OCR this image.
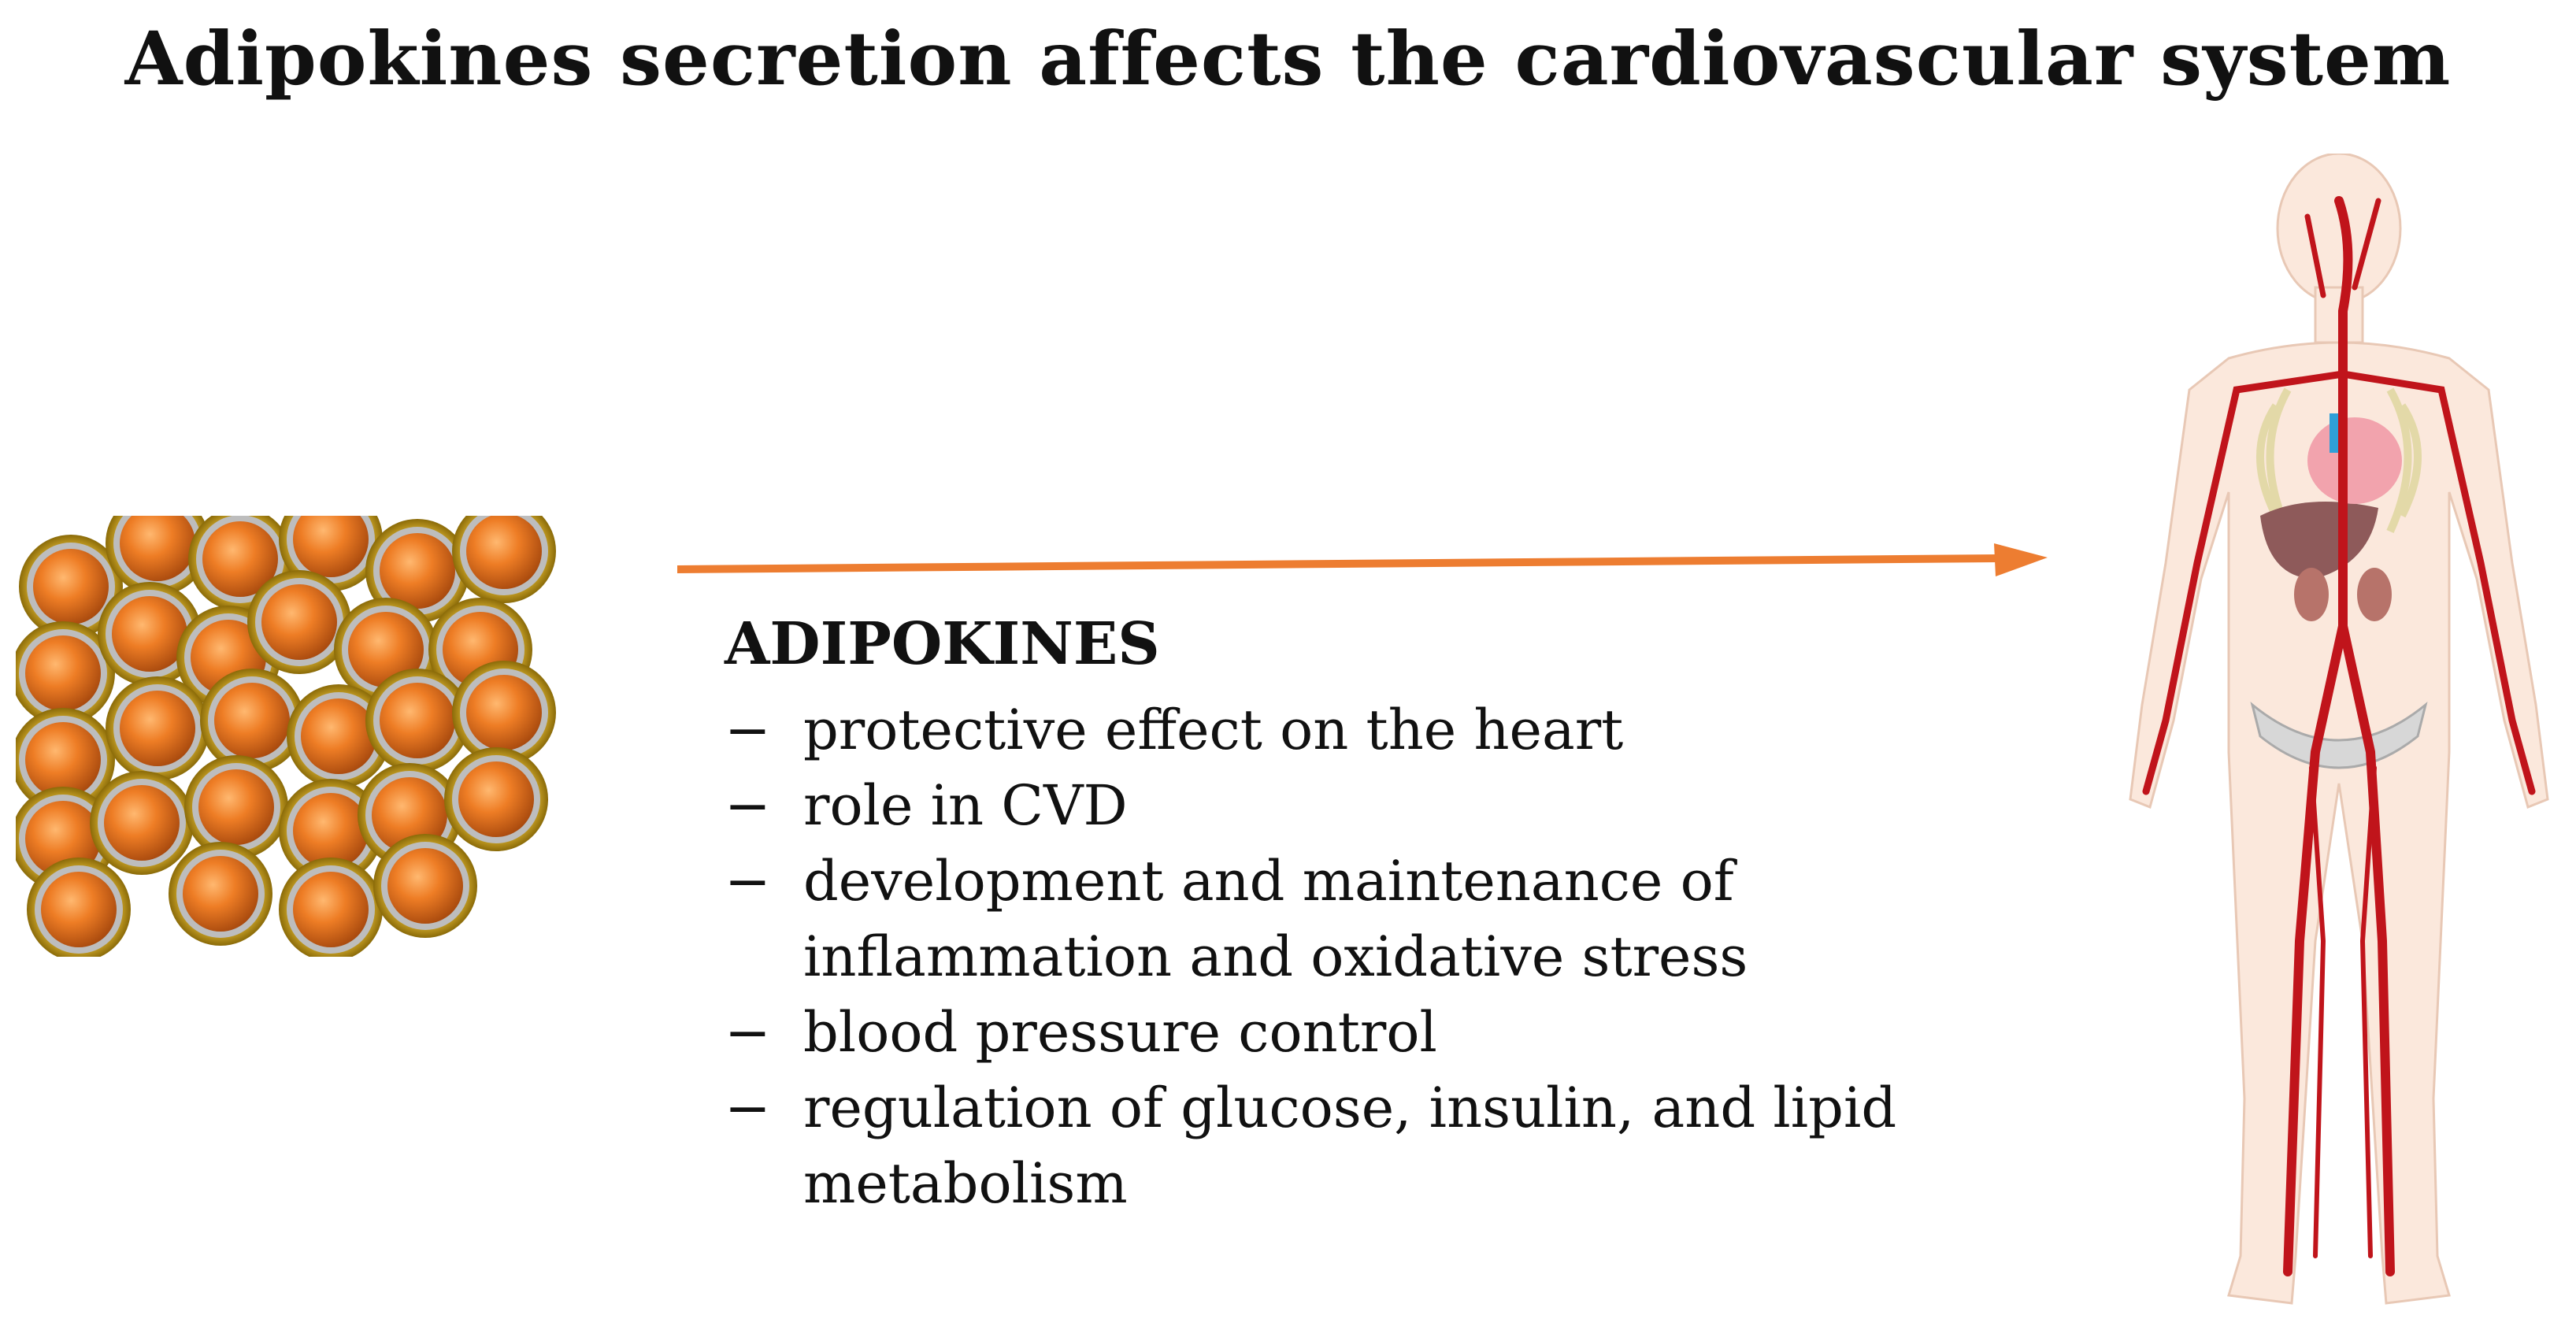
Adipokines secretion affects the cardiovascular system
ADIPOKINES
− protective effect on the heart
− role in CVD
− development and maintenance of
inflammation and oxidative stress
− blood pressure control
− regulation of glucose, insulin, and lipid
metabolism
